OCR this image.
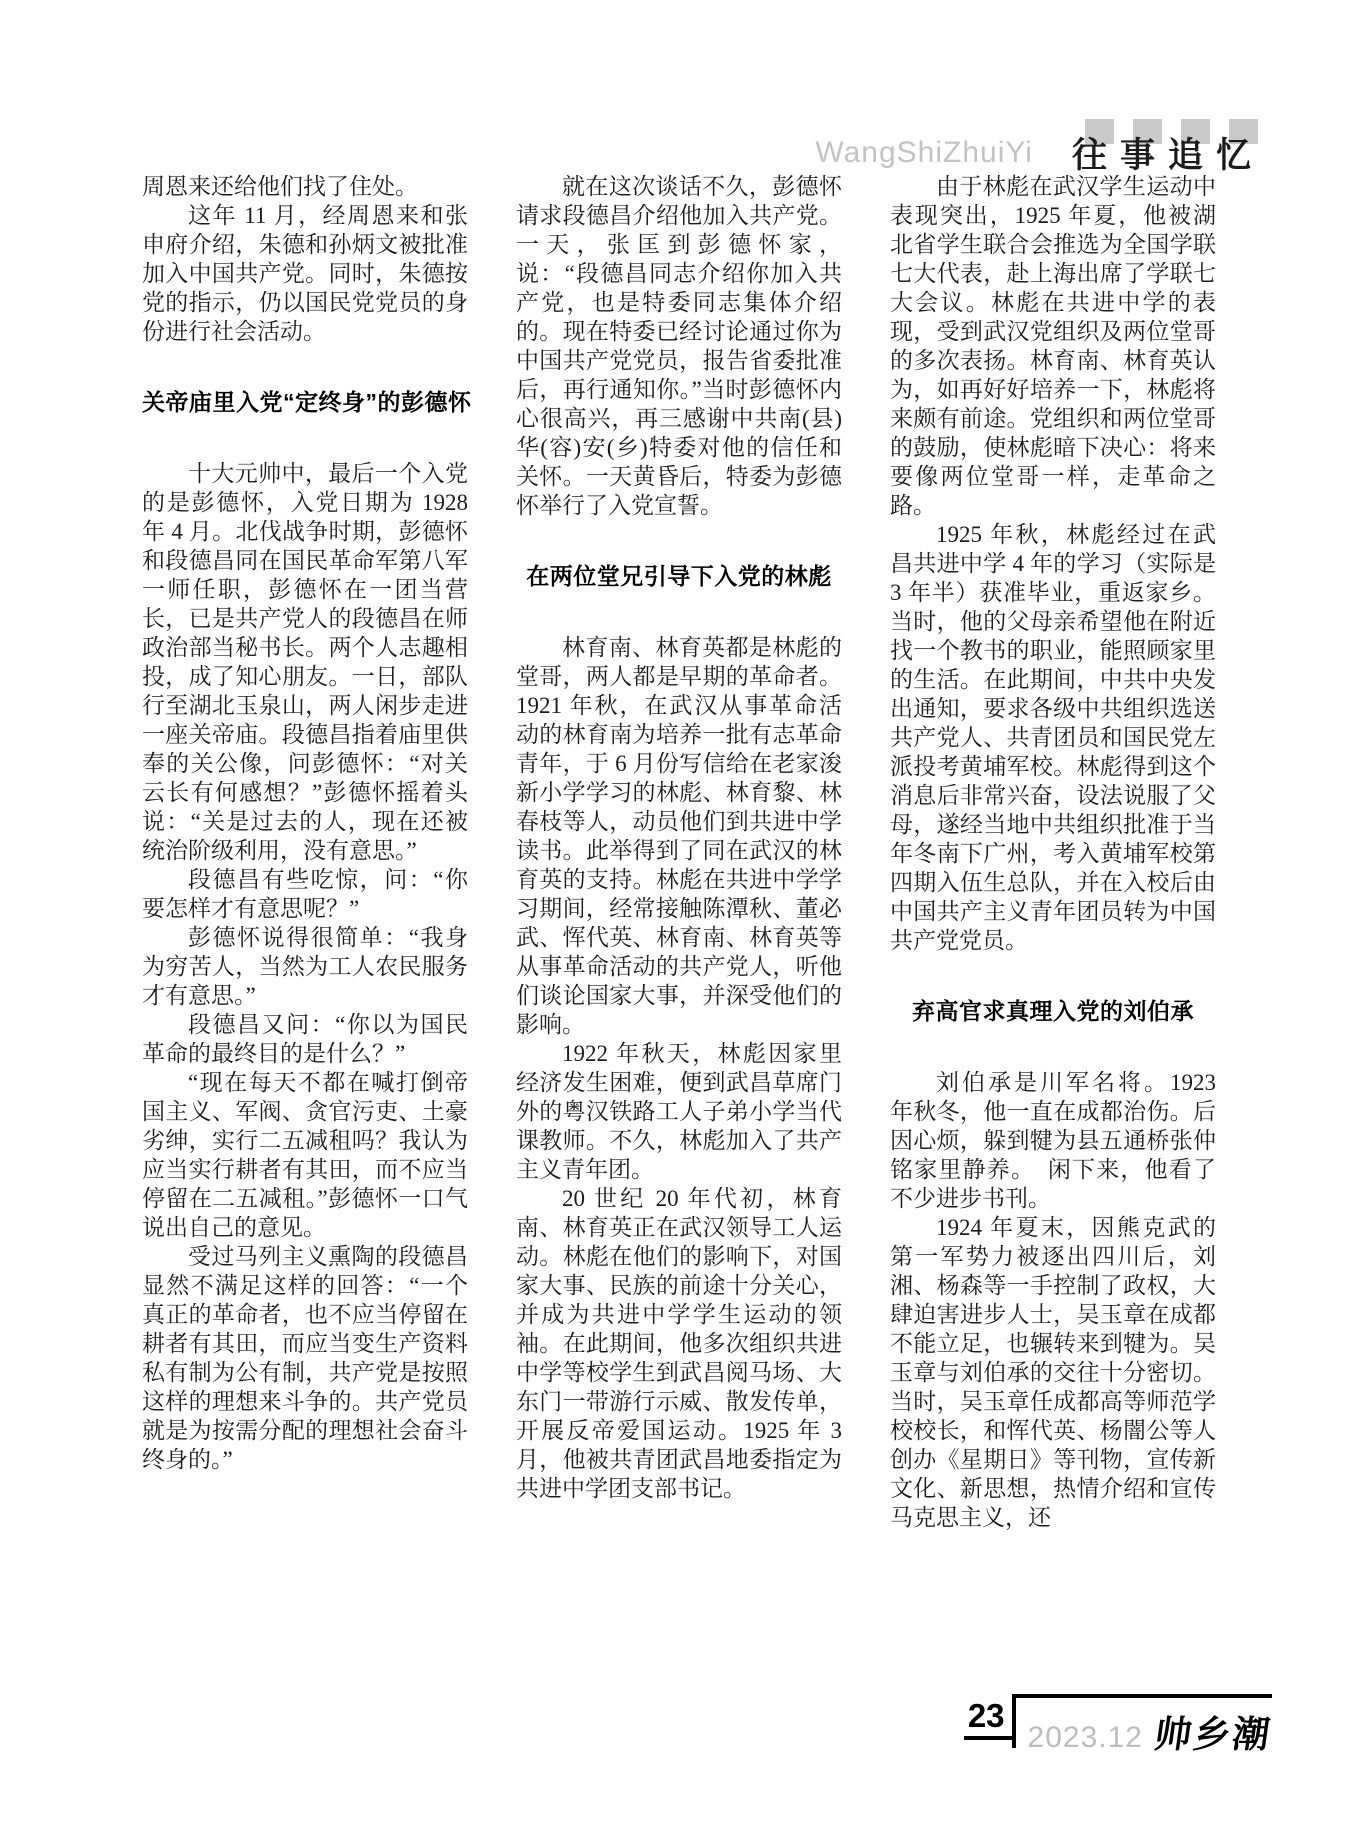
WangShiZhuiYi 往 事 追 忆

周恩来还给他们找了住处。

这年 11 月，经周恩来和张申府介绍，朱德和孙炳文被批准加入中国共产党。同时，朱德按党的指示，仍以国民党党员的身份进行社会活动。

关帝庙里入党“定终身”的彭德怀

十大元帅中，最后一个入党的是彭德怀，入党日期为 1928 年 4 月。北伐战争时期，彭德怀和段德昌同在国民革命军第八军一师任职，彭德怀在一团当营长，已是共产党人的段德昌在师政治部当秘书长。两个人志趣相投，成了知心朋友。一日，部队行至湖北玉泉山，两人闲步走进一座关帝庙。段德昌指着庙里供奉的关公像，问彭德怀：“对关云长有何感想？”彭德怀摇着头说：“关是过去的人，现在还被统治阶级利用，没有意思。”

段德昌有些吃惊，问：“你要怎样才有意思呢？”

彭德怀说得很简单：“我身为穷苦人，当然为工人农民服务才有意思。”

段德昌又问：“你以为国民革命的最终目的是什么？”

“现在每天不都在喊打倒帝国主义、军阀、贪官污吏、土豪劣绅，实行二五减租吗？我认为应当实行耕者有其田，而不应当停留在二五减租。”彭德怀一口气说出自己的意见。

受过马列主义熏陶的段德昌显然不满足这样的回答：“一个真正的革命者，也不应当停留在耕者有其田，而应当变生产资料私有制为公有制，共产党是按照这样的理想来斗争的。共产党员就是为按需分配的理想社会奋斗终身的。”

就在这次谈话不久，彭德怀请求段德昌介绍他加入共产党。一天，张匡到彭德怀家，说：“段德昌同志介绍你加入共产党，也是特委同志集体介绍的。现在特委已经讨论通过你为中国共产党党员，报告省委批准后，再行通知你。”当时彭德怀内心很高兴，再三感谢中共南(县)华(容)安(乡)特委对他的信任和关怀。一天黄昏后，特委为彭德怀举行了入党宣誓。

在两位堂兄引导下入党的林彪

林育南、林育英都是林彪的堂哥，两人都是早期的革命者。1921 年秋，在武汉从事革命活动的林育南为培养一批有志革命青年，于 6 月份写信给在老家浚新小学学习的林彪、林育黎、林春枝等人，动员他们到共进中学读书。此举得到了同在武汉的林育英的支持。林彪在共进中学学习期间，经常接触陈潭秋、董必武、恽代英、林育南、林育英等从事革命活动的共产党人，听他们谈论国家大事，并深受他们的影响。

1922 年秋天，林彪因家里经济发生困难，便到武昌草席门外的粤汉铁路工人子弟小学当代课教师。不久，林彪加入了共产主义青年团。

20 世纪 20 年代初，林育南、林育英正在武汉领导工人运动。林彪在他们的影响下，对国家大事、民族的前途十分关心，并成为共进中学学生运动的领袖。在此期间，他多次组织共进中学等校学生到武昌阅马场、大东门一带游行示威、散发传单，开展反帝爱国运动。1925 年 3 月，他被共青团武昌地委指定为共进中学团支部书记。

由于林彪在武汉学生运动中表现突出，1925 年夏，他被湖北省学生联合会推选为全国学联七大代表，赴上海出席了学联七大会议。林彪在共进中学的表现，受到武汉党组织及两位堂哥的多次表扬。林育南、林育英认为，如再好好培养一下，林彪将来颇有前途。党组织和两位堂哥的鼓励，使林彪暗下决心：将来要像两位堂哥一样，走革命之路。

1925 年秋，林彪经过在武昌共进中学 4 年的学习（实际是 3 年半）获准毕业，重返家乡。当时，他的父母亲希望他在附近找一个教书的职业，能照顾家里的生活。在此期间，中共中央发出通知，要求各级中共组织选送共产党人、共青团员和国民党左派投考黄埔军校。林彪得到这个消息后非常兴奋，设法说服了父母，遂经当地中共组织批准于当年冬南下广州，考入黄埔军校第四期入伍生总队，并在入校后由中国共产主义青年团员转为中国共产党党员。

弃高官求真理入党的刘伯承

刘伯承是川军名将。1923 年秋冬，他一直在成都治伤。后因心烦，躲到犍为县五通桥张仲铭家里静养。　闲下来，他看了不少进步书刊。

1924 年夏末，因熊克武的第一军势力被逐出四川后，刘湘、杨森等一手控制了政权，大肆迫害进步人士，吴玉章在成都不能立足，也辗转来到犍为。吴玉章与刘伯承的交往十分密切。当时，吴玉章任成都高等师范学校校长，和恽代英、杨闇公等人创办《星期日》等刊物，宣传新文化、新思想，热情介绍和宣传马克思主义，还

23
2023.12 帅乡潮
